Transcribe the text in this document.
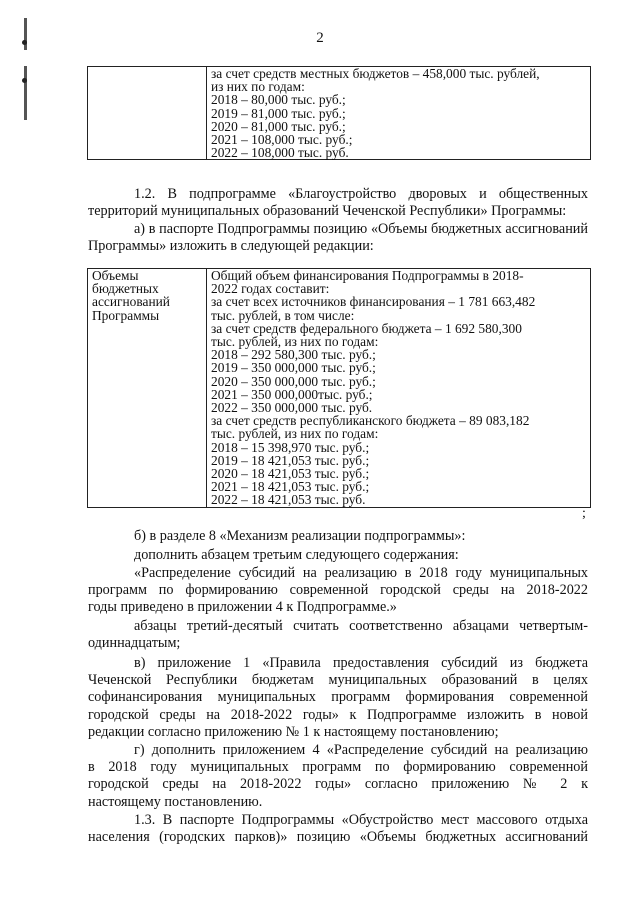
2

за счет средств местных бюджетов – 458,000 тыс. рублей,
из них по годам:
2018 – 80,000 тыс. руб.;
2019 – 81,000 тыс. руб.;
2020 – 81,000 тыс. руб.;
2021 – 108,000 тыс. руб.;
2022 – 108,000 тыс. руб.
1.2. В подпрограмме «Благоустройство дворовых и общественных
территорий муниципальных образований Чеченской Республики» Программы:
а) в паспорте Подпрограммы позицию «Объемы бюджетных ассигнований
Программы» изложить в следующей редакции:
Объемы
бюджетных
ассигнований
Программы

Общий объем финансирования Подпрограммы в 2018-
2022 годах составит:
за счет всех источников финансирования – 1 781 663,482
тыс. рублей, в том числе:
за счет средств федерального бюджета – 1 692 580,300
тыс. рублей, из них по годам:
2018 – 292 580,300 тыс. руб.;
2019 – 350 000,000 тыс. руб.;
2020 – 350 000,000 тыс. руб.;
2021 – 350 000,000тыс. руб.;
2022 – 350 000,000 тыс. руб.
за счет средств республиканского бюджета – 89 083,182
тыс. рублей, из них по годам:
2018 – 15 398,970 тыс. руб.;
2019 – 18 421,053 тыс. руб.;
2020 – 18 421,053 тыс. руб.;
2021 – 18 421,053 тыс. руб.;
2022 – 18 421,053 тыс. руб.
;
б) в разделе 8 «Механизм реализации подпрограммы»:
дополнить абзацем третьим следующего содержания:
«Распределение субсидий на реализацию в 2018 году муниципальных
программ по формированию современной городской среды на 2018-2022
годы приведено в приложении 4 к Подпрограмме.»
абзацы третий-десятый считать соответственно абзацами четвертым-
одиннадцатым;
в) приложение 1 «Правила предоставления субсидий из бюджета
Чеченской Республики бюджетам муниципальных образований в целях
софинансирования муниципальных программ формирования современной
городской среды на 2018-2022 годы» к Подпрограмме изложить в новой
редакции согласно приложению № 1 к настоящему постановлению;
г) дополнить приложением 4 «Распределение субсидий на реализацию
в 2018 году муниципальных программ по формированию современной
городской среды на 2018-2022 годы» согласно приложению № 2 к
настоящему постановлению.
1.3. В паспорте Подпрограммы «Обустройство мест массового отдыха
населения (городских парков)» позицию «Объемы бюджетных ассигнований
